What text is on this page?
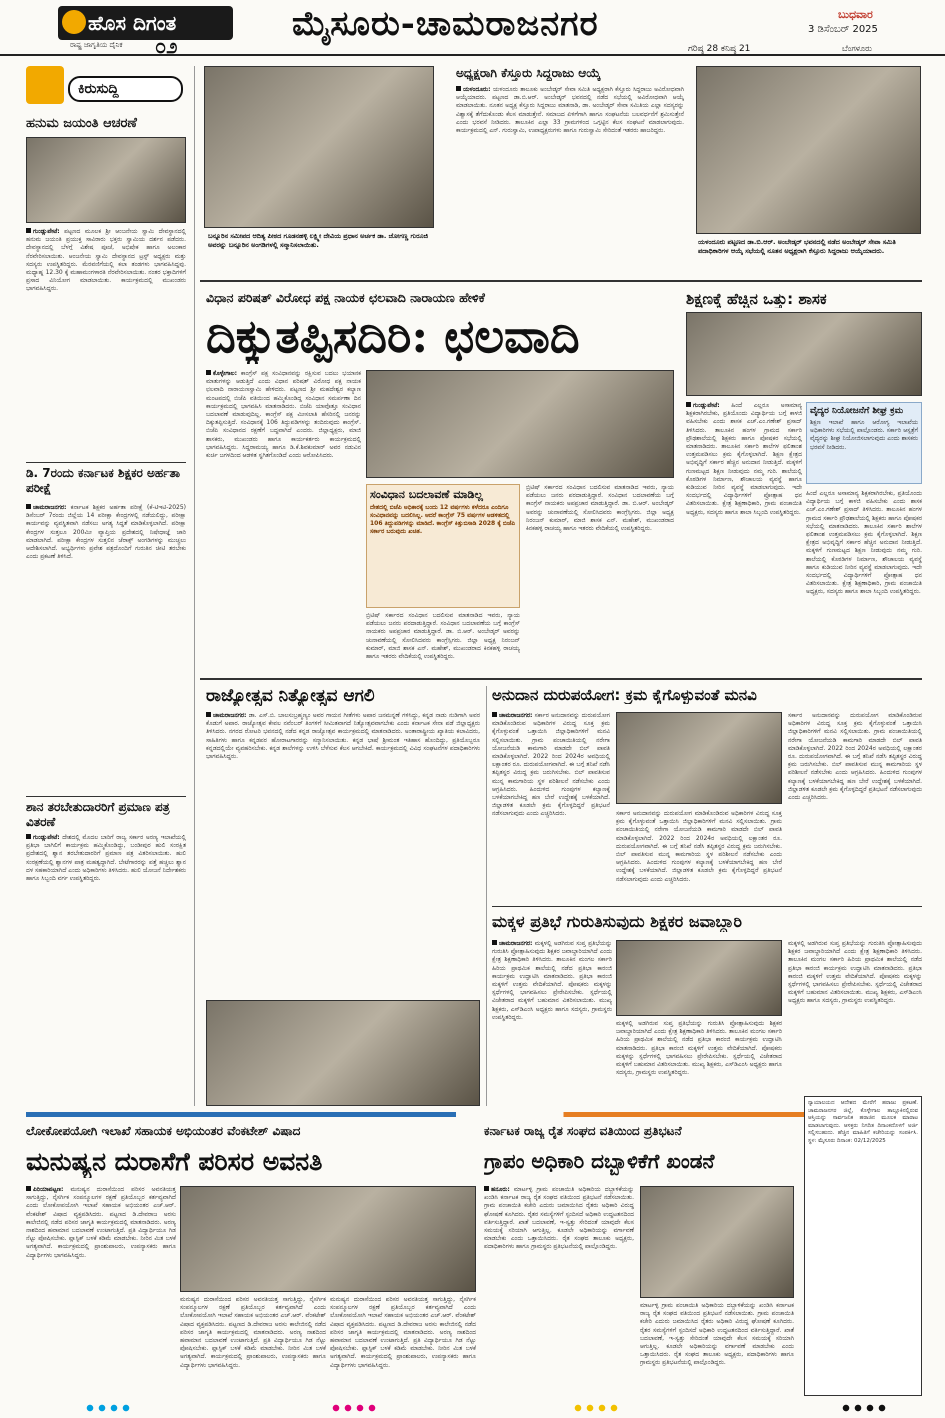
ಹೊಸ ದಿಗಂತ
ರಾಷ್ಟ್ರ ಜಾಗೃತಿಯ ದೈನಿಕ ೦೨
ಮೈಸೂರು-ಚಾಮರಾಜನಗರ	ಬುಧವಾರ
3 ಡಿಸೆಂಬರ್ 2025
ಗರಿಷ್ಠ 28 ಕನಿಷ್ಠ 21	ಬೆಂಗಳೂರು
ಕಿರುಸುದ್ದಿ
ಹನುಮ ಜಯಂತಿ ಆಚರಣೆ
ಗುಂಡ್ಲುಪೇಟೆ: ಪಟ್ಟಣದ ಮೂಲಕ ಶ್ರೀ ಆಂಜನೇಯ ಸ್ವಾಮಿ ದೇವಸ್ಥಾನದಲ್ಲಿ ಹನುಮ ಜಯಂತಿ ಪ್ರಯುಕ್ತ ಸಾವಿರಾರು ಭಕ್ತರು ಸ್ವಾಮಿಯ ದರ್ಶನ ಪಡೆದರು. ದೇವಸ್ಥಾನದಲ್ಲಿ ಬೆಳಗ್ಗೆ ವಿಶೇಷ ಪೂಜೆ, ಅಭಿಷೇಕ ಹಾಗೂ ಅಲಂಕಾರ ನೆರವೇರಿಸಲಾಯಿತು. ಆಂಜನೇಯ ಸ್ವಾಮಿ ದೇವಸ್ಥಾನದ ಟ್ರಸ್ಟ್ ಅಧ್ಯಕ್ಷರು ಮತ್ತು ಸದಸ್ಯರು ಉಪಸ್ಥಿತರಿದ್ದರು. ಮೆರವಣಿಗೆಯಲ್ಲಿ ಕಲಾ ತಂಡಗಳು ಭಾಗವಹಿಸಿದ್ದವು. ಮಧ್ಯಾಹ್ನ 12.30 ಕ್ಕೆ ಮಹಾಮಂಗಳಾರತಿ ನೆರವೇರಿಸಲಾಯಿತು. ನಂತರ ಭಕ್ತಾದಿಗಳಿಗೆ ಪ್ರಸಾದ ವಿನಿಯೋಗ ಮಾಡಲಾಯಿತು. ಕಾರ್ಯಕ್ರಮದಲ್ಲಿ ಮುಖಂಡರು ಭಾಗವಹಿಸಿದ್ದರು.
ಡಿ. 7ರಂದು ಕರ್ನಾಟಕ ಶಿಕ್ಷಕರ ಅರ್ಹತಾ ಪರೀಕ್ಷೆ
ಚಾಮರಾಜನಗರ: ಕರ್ನಾಟಕ ಶಿಕ್ಷಕರ ಅರ್ಹತಾ ಪರೀಕ್ಷೆ (ಕೆ-ಟಿಇಟಿ-2025) ಡಿಸೆಂಬರ್ 7ರಂದು ಜಿಲ್ಲೆಯ 14 ಪರೀಕ್ಷಾ ಕೇಂದ್ರಗಳಲ್ಲಿ ನಡೆಯಲಿದ್ದು, ಪರೀಕ್ಷಾ ಕಾರ್ಯವನ್ನು ವ್ಯವಸ್ಥಿತವಾಗಿ ನಡೆಸಲು ಅಗತ್ಯ ಸಿದ್ಧತೆ ಮಾಡಿಕೊಳ್ಳಲಾಗಿದೆ. ಪರೀಕ್ಷಾ ಕೇಂದ್ರಗಳ ಸುತ್ತಲೂ 200ಮೀ ವ್ಯಾಪ್ತಿಯ ಪ್ರದೇಶದಲ್ಲಿ ನಿಷೇಧಾಜ್ಞೆ ಜಾರಿ ಮಾಡಲಾಗಿದೆ. ಪರೀಕ್ಷಾ ಕೇಂದ್ರಗಳ ಸುತ್ತಲಿನ ಜೆರಾಕ್ಸ್ ಅಂಗಡಿಗಳನ್ನು ಮುಚ್ಚಲು ಆದೇಶಿಸಲಾಗಿದೆ. ಅಭ್ಯರ್ಥಿಗಳು ಪ್ರವೇಶ ಪತ್ರದೊಂದಿಗೆ ಗುರುತಿನ ಚೀಟಿ ತರಬೇಕು ಎಂದು ಪ್ರಕಟಣೆ ತಿಳಿಸಿದೆ.
ಶಾನ ತರಬೇತುದಾರರಿಗೆ ಪ್ರಮಾಣ ಪತ್ರ ವಿತರಣೆ
ಗುಂಡ್ಲುಪೇಟೆ: ದೇಶದಲ್ಲಿ ಮೊದಲ ಬಾರಿಗೆ ರಾಜ್ಯ ಸರ್ಕಾರ ಅರಣ್ಯ ಇಲಾಖೆಯಲ್ಲಿ ಪ್ರತಿಭಾ ಬಾಗಿಲಿಗೆ ಕಾರ್ಯಕ್ರಮ ಹಮ್ಮಿಕೊಂಡಿದ್ದು, ಬಂಡೀಪುರ ಹುಲಿ ಸಂರಕ್ಷಿತ ಪ್ರದೇಶದಲ್ಲಿ ಶ್ವಾನ ತರಬೇತುದಾರರಿಗೆ ಪ್ರಮಾಣ ಪತ್ರ ವಿತರಿಸಲಾಯಿತು. ಹುಲಿ ಸಂರಕ್ಷಣೆಯಲ್ಲಿ ಶ್ವಾನಗಳ ಪಾತ್ರ ಮಹತ್ವದ್ದಾಗಿದೆ. ಬೇಟೆಗಾರರನ್ನು ಪತ್ತೆ ಹಚ್ಚಲು ಶ್ವಾನ ದಳ ಸಹಕಾರಿಯಾಗಿದೆ ಎಂದು ಅಧಿಕಾರಿಗಳು ತಿಳಿಸಿದರು. ಹುಲಿ ಯೋಜನೆ ನಿರ್ದೇಶಕರು ಹಾಗೂ ಸಿಬ್ಬಂದಿ ವರ್ಗ ಉಪಸ್ಥಿತರಿದ್ದರು.
ಬನ್ನೂರಿನ ಸಮೀಪದ ಆದಿತ್ಯ ಪೀಠದ ಗೂಡನಹಳ್ಳಿ ಲಕ್ಷ್ಮೀ ದೇವಿಯ ಪ್ರಧಾನ ಅರ್ಚಕ ಡಾ. ಜೋಗಣ್ಣ ಗುರೂಜಿ ಅವರನ್ನು ಬನ್ನೂರಿನ ಅಂಗಡಿಗಳಲ್ಲಿ ಸನ್ಮಾನಿಸಲಾಯಿತು.
ಅಧ್ಯಕ್ಷರಾಗಿ ಕೆಸ್ತೂರು ಸಿದ್ದರಾಜು ಆಯ್ಕೆ
ಯಳಂದೂರು: ಯಳಂದೂರು ತಾಲೂಕು ಅಂಬೇಡ್ಕರ್ ಸೇವಾ ಸಮಿತಿ ಅಧ್ಯಕ್ಷರಾಗಿ ಕೆಸ್ತೂರು ಸಿದ್ದರಾಜು ಅವಿರೋಧವಾಗಿ ಆಯ್ಕೆಯಾದರು. ಪಟ್ಟಣದ ಡಾ.ಬಿ.ಆರ್. ಅಂಬೇಡ್ಕರ್ ಭವನದಲ್ಲಿ ನಡೆದ ಸಭೆಯಲ್ಲಿ ಅವಿರೋಧವಾಗಿ ಆಯ್ಕೆ ಮಾಡಲಾಯಿತು. ನೂತನ ಅಧ್ಯಕ್ಷ ಕೆಸ್ತೂರು ಸಿದ್ದರಾಜು ಮಾತನಾಡಿ, ಡಾ. ಅಂಬೇಡ್ಕರ್ ಸೇವಾ ಸಮಿತಿಯ ಎಲ್ಲಾ ಸದಸ್ಯರನ್ನು ವಿಶ್ವಾಸಕ್ಕೆ ತೆಗೆದುಕೊಂಡು ಕೆಲಸ ಮಾಡುತ್ತೇನೆ. ಸಮಾಜದ ಏಳಿಗೆಗಾಗಿ ಹಾಗೂ ಸಂಘಟನೆಯ ಬಲವರ್ಧನೆಗೆ ಶ್ರಮಿಸುತ್ತೇನೆ ಎಂದು ಭರವಸೆ ನೀಡಿದರು. ತಾಲೂಕಿನ ಎಲ್ಲಾ 33 ಗ್ರಾಮಗಳಿಂದ ಒಗ್ಗಟ್ಟಿನ ಕೆಲಸ ಸಂಘಟನೆ ಮಾಡಲಾಗುವುದು. ಕಾರ್ಯಕ್ರಮದಲ್ಲಿ ಎನ್. ಗುರುಸ್ವಾಮಿ, ಉಪಾಧ್ಯಕ್ಷರುಗಳು ಹಾಗೂ ಗುರುಸ್ವಾಮಿ ಸೇರಿದಂತೆ ಇತರರು ಹಾಜರಿದ್ದರು.
ಯಳಂದೂರು ಪಟ್ಟಣದ ಡಾ.ಬಿ.ಆರ್. ಅಂಬೇಡ್ಕರ್ ಭವನದಲ್ಲಿ ನಡೆದ ಅಂಬೇಡ್ಕರ್ ಸೇವಾ ಸಮಿತಿ ಪದಾಧಿಕಾರಿಗಳ ಆಯ್ಕೆ ಸಭೆಯಲ್ಲಿ ನೂತನ ಅಧ್ಯಕ್ಷರಾಗಿ ಕೆಸ್ತೂರು ಸಿದ್ದರಾಜು ಆಯ್ಕೆಯಾದರು.
ವಿಧಾನ ಪರಿಷತ್ ವಿರೋಧ ಪಕ್ಷ ನಾಯಕ ಛಲವಾದಿ ನಾರಾಯಣ ಹೇಳಿಕೆ
ದಿಕ್ಕುತಪ್ಪಿಸದಿರಿ: ಛಲವಾದಿ
ಕೊಳ್ಳೇಗಾಲ: ಕಾಂಗ್ರೆಸ್ ಪಕ್ಷ ಸಂವಿಧಾನವನ್ನು ರಕ್ಷಿಸುವ ಬದಲು ಭಯಾನಕ ಮಾತುಗಳನ್ನು ಆಡುತ್ತಿದೆ ಎಂದು ವಿಧಾನ ಪರಿಷತ್ ವಿರೋಧ ಪಕ್ಷ ನಾಯಕ ಛಲವಾದಿ ನಾರಾಯಣಸ್ವಾಮಿ ಹೇಳಿದರು. ಪಟ್ಟಣದ ಶ್ರೀ ಮಹದೇಶ್ವರ ಕಲ್ಯಾಣ ಮಂಟಪದಲ್ಲಿ ಬಿಜೆಪಿ ವತಿಯಿಂದ ಹಮ್ಮಿಕೊಂಡಿದ್ದ ಸಂವಿಧಾನ ಸಮರ್ಪಣಾ ದಿನ ಕಾರ್ಯಕ್ರಮದಲ್ಲಿ ಭಾಗವಹಿಸಿ ಮಾತನಾಡಿದರು. ಬಿಜೆಪಿ ಯಾವೊತ್ತೂ ಸಂವಿಧಾನ ಬದಲಾವಣೆ ಮಾಡುವುದಿಲ್ಲ. ಕಾಂಗ್ರೆಸ್ ಪಕ್ಷ ಮೀಸಲಾತಿ ಹೆಸರಿನಲ್ಲಿ ಜನರನ್ನು ದಿಕ್ಕುತಪ್ಪಿಸುತ್ತಿದೆ. ಸಂವಿಧಾನಕ್ಕೆ 106 ತಿದ್ದುಪಡಿಗಳನ್ನು ತಂದಿರುವುದು ಕಾಂಗ್ರೆಸ್. ಬಿಜೆಪಿ ಸಂವಿಧಾನದ ರಕ್ಷಣೆಗೆ ಬದ್ಧವಾಗಿದೆ ಎಂದರು. ಜಿಲ್ಲಾಧ್ಯಕ್ಷರು, ಮಾಜಿ ಶಾಸಕರು, ಮುಖಂಡರು ಹಾಗೂ ಕಾರ್ಯಕರ್ತರು ಕಾರ್ಯಕ್ರಮದಲ್ಲಿ ಭಾಗವಹಿಸಿದ್ದರು. ಸಿದ್ದರಾಮಯ್ಯ ಹಾಗೂ ಡಿ.ಕೆ.ಶಿವಕುಮಾರ್ ಅವರ ನಡುವಿನ ಕುರ್ಚಿ ಜಗಳದಿಂದ ಆಡಳಿತ ಸ್ಥಗಿತಗೊಂಡಿದೆ ಎಂದು ಆರೋಪಿಸಿದರು.
ಸಂವಿಧಾನ ಬದಲಾವಣೆ ಮಾಡಿಲ್ಲ
ದೇಶದಲ್ಲಿ ಬಿಜೆಪಿ ಅಧಿಕಾರಕ್ಕೆ ಬಂದು 12 ವರ್ಷಗಳು ಕಳೆದರೂ ಎಂದಿಗೂ ಸಂವಿಧಾನವನ್ನು ಬದಲಿಸಿಲ್ಲ. ಆದರೆ ಕಾಂಗ್ರೆಸ್ 75 ವರ್ಷಗಳ ಆಡಳಿತದಲ್ಲಿ 106 ತಿದ್ದುಪಡಿಗಳನ್ನು ಮಾಡಿದೆ. ಕಾಂಗ್ರೆಸ್ ಕಿತ್ತುಬಿಸಾಡಿ 2028 ಕ್ಕೆ ಬಿಜೆಪಿ ಸರ್ಕಾರ ಬರುವುದು ಖಚಿತ.
ಬ್ರಿಟಿಷ್ ಸರ್ಕಾರದ ಸಂವಿಧಾನ ಬದಲಿಸುವ ಮಾತನಾಡಿದ ಇವರು, ನ್ಯಾಯ ಪಡೆಯಲು ಜನರು ಪರದಾಡುತ್ತಿದ್ದಾರೆ. ಸಂವಿಧಾನ ಬದಲಾವಣೆಯ ಬಗ್ಗೆ ಕಾಂಗ್ರೆಸ್ ನಾಯಕರು ಅಪಪ್ರಚಾರ ಮಾಡುತ್ತಿದ್ದಾರೆ. ಡಾ. ಬಿ.ಆರ್. ಅಂಬೇಡ್ಕರ್ ಅವರನ್ನು ಚುನಾವಣೆಯಲ್ಲಿ ಸೋಲಿಸಿದವರು ಕಾಂಗ್ರೆಸ್ಸಿಗರು. ಜಿಲ್ಲಾ ಅಧ್ಯಕ್ಷ ನಿರಂಜನ್ ಕುಮಾರ್, ಮಾಜಿ ಶಾಸಕ ಎನ್. ಮಹೇಶ್, ಮುಖಂಡರಾದ ಕಿನಕಹಳ್ಳಿ ರಾಚಯ್ಯ ಹಾಗೂ ಇತರರು ವೇದಿಕೆಯಲ್ಲಿ ಉಪಸ್ಥಿತರಿದ್ದರು.
ಬ್ರಿಟಿಷ್ ಸರ್ಕಾರದ ಸಂವಿಧಾನ ಬದಲಿಸುವ ಮಾತನಾಡಿದ ಇವರು, ನ್ಯಾಯ ಪಡೆಯಲು ಜನರು ಪರದಾಡುತ್ತಿದ್ದಾರೆ. ಸಂವಿಧಾನ ಬದಲಾವಣೆಯ ಬಗ್ಗೆ ಕಾಂಗ್ರೆಸ್ ನಾಯಕರು ಅಪಪ್ರಚಾರ ಮಾಡುತ್ತಿದ್ದಾರೆ. ಡಾ. ಬಿ.ಆರ್. ಅಂಬೇಡ್ಕರ್ ಅವರನ್ನು ಚುನಾವಣೆಯಲ್ಲಿ ಸೋಲಿಸಿದವರು ಕಾಂಗ್ರೆಸ್ಸಿಗರು. ಜಿಲ್ಲಾ ಅಧ್ಯಕ್ಷ ನಿರಂಜನ್ ಕುಮಾರ್, ಮಾಜಿ ಶಾಸಕ ಎನ್. ಮಹೇಶ್, ಮುಖಂಡರಾದ ಕಿನಕಹಳ್ಳಿ ರಾಚಯ್ಯ ಹಾಗೂ ಇತರರು ವೇದಿಕೆಯಲ್ಲಿ ಉಪಸ್ಥಿತರಿದ್ದರು.
ಶಿಕ್ಷಣಕ್ಕೆ ಹೆಚ್ಚಿನ ಒತ್ತು: ಶಾಸಕ
ಗುಂಡ್ಲುಪೇಟೆ: ಹಿಂದೆ ಎಲ್ಲರೂ ಅಸಾಮಾನ್ಯ ಶಿಕ್ಷಕರಾಗಿರಬೇಕು, ಪ್ರತಿಯೊಂದು ವಿದ್ಯಾರ್ಥಿಯ ಬಗ್ಗೆ ಕಾಳಜಿ ವಹಿಸಬೇಕು ಎಂದು ಶಾಸಕ ಎಚ್.ಎಂ.ಗಣೇಶ್ ಪ್ರಸಾದ್ ತಿಳಿಸಿದರು. ತಾಲೂಕಿನ ಹಂಗಳ ಗ್ರಾಮದ ಸರ್ಕಾರಿ ಪ್ರೌಢಶಾಲೆಯಲ್ಲಿ ಶಿಕ್ಷಕರು ಹಾಗೂ ಪೋಷಕರ ಸಭೆಯಲ್ಲಿ ಮಾತನಾಡಿದರು. ತಾಲೂಕಿನ ಸರ್ಕಾರಿ ಶಾಲೆಗಳ ಫಲಿತಾಂಶ ಉತ್ತಮಪಡಿಸಲು ಕ್ರಮ ಕೈಗೊಳ್ಳಲಾಗಿದೆ. ಶಿಕ್ಷಣ ಕ್ಷೇತ್ರದ ಅಭಿವೃದ್ಧಿಗೆ ಸರ್ಕಾರ ಹೆಚ್ಚಿನ ಅನುದಾನ ನೀಡುತ್ತಿದೆ. ಮಕ್ಕಳಿಗೆ ಗುಣಮಟ್ಟದ ಶಿಕ್ಷಣ ನೀಡುವುದು ನಮ್ಮ ಗುರಿ. ಶಾಲೆಯಲ್ಲಿ ಕೊಠಡಿಗಳ ನಿರ್ಮಾಣ, ಶೌಚಾಲಯ ವ್ಯವಸ್ಥೆ ಹಾಗೂ ಕುಡಿಯುವ ನೀರಿನ ವ್ಯವಸ್ಥೆ ಮಾಡಲಾಗುವುದು. ಇದೇ ಸಂದರ್ಭದಲ್ಲಿ ವಿದ್ಯಾರ್ಥಿಗಳಿಗೆ ಪ್ರೋತ್ಸಾಹ ಧನ ವಿತರಿಸಲಾಯಿತು. ಕ್ಷೇತ್ರ ಶಿಕ್ಷಣಾಧಿಕಾರಿ, ಗ್ರಾಮ ಪಂಚಾಯಿತಿ ಅಧ್ಯಕ್ಷರು, ಸದಸ್ಯರು ಹಾಗೂ ಶಾಲಾ ಸಿಬ್ಬಂದಿ ಉಪಸ್ಥಿತರಿದ್ದರು.
ವೈದ್ಯರ ನಿಯೋಜನೆಗೆ ಶೀಘ್ರ ಕ್ರಮ
ಶಿಕ್ಷಣ ಇಲಾಖೆ ಹಾಗೂ ಆರೋಗ್ಯ ಇಲಾಖೆಯ ಅಧಿಕಾರಿಗಳು ಸಭೆಯಲ್ಲಿ ಪಾಲ್ಗೊಂಡರು. ಸರ್ಕಾರಿ ಆಸ್ಪತ್ರೆಗೆ ವೈದ್ಯರನ್ನು ಶೀಘ್ರ ನಿಯೋಜಿಸಲಾಗುವುದು ಎಂದು ಶಾಸಕರು ಭರವಸೆ ನೀಡಿದರು.
ಹಿಂದೆ ಎಲ್ಲರೂ ಅಸಾಮಾನ್ಯ ಶಿಕ್ಷಕರಾಗಿರಬೇಕು, ಪ್ರತಿಯೊಂದು ವಿದ್ಯಾರ್ಥಿಯ ಬಗ್ಗೆ ಕಾಳಜಿ ವಹಿಸಬೇಕು ಎಂದು ಶಾಸಕ ಎಚ್.ಎಂ.ಗಣೇಶ್ ಪ್ರಸಾದ್ ತಿಳಿಸಿದರು. ತಾಲೂಕಿನ ಹಂಗಳ ಗ್ರಾಮದ ಸರ್ಕಾರಿ ಪ್ರೌಢಶಾಲೆಯಲ್ಲಿ ಶಿಕ್ಷಕರು ಹಾಗೂ ಪೋಷಕರ ಸಭೆಯಲ್ಲಿ ಮಾತನಾಡಿದರು. ತಾಲೂಕಿನ ಸರ್ಕಾರಿ ಶಾಲೆಗಳ ಫಲಿತಾಂಶ ಉತ್ತಮಪಡಿಸಲು ಕ್ರಮ ಕೈಗೊಳ್ಳಲಾಗಿದೆ. ಶಿಕ್ಷಣ ಕ್ಷೇತ್ರದ ಅಭಿವೃದ್ಧಿಗೆ ಸರ್ಕಾರ ಹೆಚ್ಚಿನ ಅನುದಾನ ನೀಡುತ್ತಿದೆ. ಮಕ್ಕಳಿಗೆ ಗುಣಮಟ್ಟದ ಶಿಕ್ಷಣ ನೀಡುವುದು ನಮ್ಮ ಗುರಿ. ಶಾಲೆಯಲ್ಲಿ ಕೊಠಡಿಗಳ ನಿರ್ಮಾಣ, ಶೌಚಾಲಯ ವ್ಯವಸ್ಥೆ ಹಾಗೂ ಕುಡಿಯುವ ನೀರಿನ ವ್ಯವಸ್ಥೆ ಮಾಡಲಾಗುವುದು. ಇದೇ ಸಂದರ್ಭದಲ್ಲಿ ವಿದ್ಯಾರ್ಥಿಗಳಿಗೆ ಪ್ರೋತ್ಸಾಹ ಧನ ವಿತರಿಸಲಾಯಿತು. ಕ್ಷೇತ್ರ ಶಿಕ್ಷಣಾಧಿಕಾರಿ, ಗ್ರಾಮ ಪಂಚಾಯಿತಿ ಅಧ್ಯಕ್ಷರು, ಸದಸ್ಯರು ಹಾಗೂ ಶಾಲಾ ಸಿಬ್ಬಂದಿ ಉಪಸ್ಥಿತರಿದ್ದರು.
ರಾಜ್ಯೋತ್ಸವ ನಿತ್ಯೋತ್ಸವ ಆಗಲಿ
ಚಾಮರಾಜನಗರ: ಡಾ. ಎಸ್.ಬಿ. ಬಾಲಸುಬ್ರಹ್ಮಣ್ಯಂ ಅವರ ಗಾಯನ ಗೀತೆಗಳು ಅಪಾರ ಜನಮನ್ನಣೆ ಗಳಿಸಿದ್ದು, ಕನ್ನಡ ನಾಡು ನುಡಿಗಾಗಿ ಅವರ ಕೊಡುಗೆ ಅಪಾರ. ರಾಜ್ಯೋತ್ಸವ ಕೇವಲ ನವೆಂಬರ್ ತಿಂಗಳಿಗೆ ಸೀಮಿತವಾಗದೆ ನಿತ್ಯೋತ್ಸವವಾಗಬೇಕು ಎಂದು ಕರ್ನಾಟಕ ಸೇನಾ ಪಡೆ ಜಿಲ್ಲಾಧ್ಯಕ್ಷರು ತಿಳಿಸಿದರು. ನಗರದ ರೋಟರಿ ಭವನದಲ್ಲಿ ನಡೆದ ಕನ್ನಡ ರಾಜ್ಯೋತ್ಸವ ಕಾರ್ಯಕ್ರಮದಲ್ಲಿ ಮಾತನಾಡಿದರು. ಅಂತಾರಾಷ್ಟ್ರೀಯ ಖ್ಯಾತಿಯ ಕಲಾವಿದರು, ಸಾಹಿತಿಗಳು ಹಾಗೂ ಕನ್ನಡಪರ ಹೋರಾಟಗಾರರನ್ನು ಸನ್ಮಾನಿಸಲಾಯಿತು. ಕನ್ನಡ ಭಾಷೆ ಶ್ರೀಮಂತ ಇತಿಹಾಸ ಹೊಂದಿದ್ದು, ಪ್ರತಿಯೊಬ್ಬರೂ ಕನ್ನಡದಲ್ಲಿಯೇ ವ್ಯವಹರಿಸಬೇಕು. ಕನ್ನಡ ಶಾಲೆಗಳನ್ನು ಉಳಿಸಿ ಬೆಳೆಸುವ ಕೆಲಸ ಆಗಬೇಕಿದೆ. ಕಾರ್ಯಕ್ರಮದಲ್ಲಿ ವಿವಿಧ ಸಂಘಟನೆಗಳ ಪದಾಧಿಕಾರಿಗಳು ಭಾಗವಹಿಸಿದ್ದರು.
ಅನುದಾನ ದುರುಪಯೋಗ: ಕ್ರಮ ಕೈಗೊಳ್ಳುವಂತೆ ಮನವಿ
ಚಾಮರಾಜನಗರ: ಸರ್ಕಾರ ಅನುದಾನವನ್ನು ದುರುಪಯೋಗ ಮಾಡಿಕೊಂಡಿರುವ ಅಧಿಕಾರಿಗಳ ವಿರುದ್ಧ ಸೂಕ್ತ ಕ್ರಮ ಕೈಗೊಳ್ಳುವಂತೆ ಒತ್ತಾಯಿಸಿ ಜಿಲ್ಲಾಧಿಕಾರಿಗಳಿಗೆ ಮನವಿ ಸಲ್ಲಿಸಲಾಯಿತು. ಗ್ರಾಮ ಪಂಚಾಯಿತಿಯಲ್ಲಿ ನರೇಗಾ ಯೋಜನೆಯಡಿ ಕಾಮಗಾರಿ ಮಾಡದೇ ಬಿಲ್ ಪಾವತಿ ಮಾಡಿಕೊಳ್ಳಲಾಗಿದೆ. 2022 ರಿಂದ 2024ರ ಅವಧಿಯಲ್ಲಿ ಲಕ್ಷಾಂತರ ರೂ. ದುರುಪಯೋಗವಾಗಿದೆ. ಈ ಬಗ್ಗೆ ತನಿಖೆ ನಡೆಸಿ ತಪ್ಪಿತಸ್ಥರ ವಿರುದ್ಧ ಕ್ರಮ ಜರುಗಿಸಬೇಕು. ಬಿಲ್ ಪಾವತಿಸುವ ಮುನ್ನ ಕಾಮಗಾರಿಯ ಸ್ಥಳ ಪರಿಶೀಲನೆ ನಡೆಸಬೇಕು ಎಂದು ಆಗ್ರಹಿಸಿದರು. ಹಿಂದುಳಿದ ಗುಂಪುಗಳ ಕಲ್ಯಾಣಕ್ಕೆ ಬಳಕೆಯಾಗಬೇಕಿದ್ದ ಹಣ ಬೇರೆ ಉದ್ದೇಶಕ್ಕೆ ಬಳಕೆಯಾಗಿದೆ. ಜಿಲ್ಲಾಡಳಿತ ಕೂಡಲೇ ಕ್ರಮ ಕೈಗೊಳ್ಳದಿದ್ದರೆ ಪ್ರತಿಭಟನೆ ನಡೆಸಲಾಗುವುದು ಎಂದು ಎಚ್ಚರಿಸಿದರು.	ಸರ್ಕಾರ ಅನುದಾನವನ್ನು ದುರುಪಯೋಗ ಮಾಡಿಕೊಂಡಿರುವ ಅಧಿಕಾರಿಗಳ ವಿರುದ್ಧ ಸೂಕ್ತ ಕ್ರಮ ಕೈಗೊಳ್ಳುವಂತೆ ಒತ್ತಾಯಿಸಿ ಜಿಲ್ಲಾಧಿಕಾರಿಗಳಿಗೆ ಮನವಿ ಸಲ್ಲಿಸಲಾಯಿತು. ಗ್ರಾಮ ಪಂಚಾಯಿತಿಯಲ್ಲಿ ನರೇಗಾ ಯೋಜನೆಯಡಿ ಕಾಮಗಾರಿ ಮಾಡದೇ ಬಿಲ್ ಪಾವತಿ ಮಾಡಿಕೊಳ್ಳಲಾಗಿದೆ. 2022 ರಿಂದ 2024ರ ಅವಧಿಯಲ್ಲಿ ಲಕ್ಷಾಂತರ ರೂ. ದುರುಪಯೋಗವಾಗಿದೆ. ಈ ಬಗ್ಗೆ ತನಿಖೆ ನಡೆಸಿ ತಪ್ಪಿತಸ್ಥರ ವಿರುದ್ಧ ಕ್ರಮ ಜರುಗಿಸಬೇಕು. ಬಿಲ್ ಪಾವತಿಸುವ ಮುನ್ನ ಕಾಮಗಾರಿಯ ಸ್ಥಳ ಪರಿಶೀಲನೆ ನಡೆಸಬೇಕು ಎಂದು ಆಗ್ರಹಿಸಿದರು. ಹಿಂದುಳಿದ ಗುಂಪುಗಳ ಕಲ್ಯಾಣಕ್ಕೆ ಬಳಕೆಯಾಗಬೇಕಿದ್ದ ಹಣ ಬೇರೆ ಉದ್ದೇಶಕ್ಕೆ ಬಳಕೆಯಾಗಿದೆ. ಜಿಲ್ಲಾಡಳಿತ ಕೂಡಲೇ ಕ್ರಮ ಕೈಗೊಳ್ಳದಿದ್ದರೆ ಪ್ರತಿಭಟನೆ ನಡೆಸಲಾಗುವುದು ಎಂದು ಎಚ್ಚರಿಸಿದರು.
ಸರ್ಕಾರ ಅನುದಾನವನ್ನು ದುರುಪಯೋಗ ಮಾಡಿಕೊಂಡಿರುವ ಅಧಿಕಾರಿಗಳ ವಿರುದ್ಧ ಸೂಕ್ತ ಕ್ರಮ ಕೈಗೊಳ್ಳುವಂತೆ ಒತ್ತಾಯಿಸಿ ಜಿಲ್ಲಾಧಿಕಾರಿಗಳಿಗೆ ಮನವಿ ಸಲ್ಲಿಸಲಾಯಿತು. ಗ್ರಾಮ ಪಂಚಾಯಿತಿಯಲ್ಲಿ ನರೇಗಾ ಯೋಜನೆಯಡಿ ಕಾಮಗಾರಿ ಮಾಡದೇ ಬಿಲ್ ಪಾವತಿ ಮಾಡಿಕೊಳ್ಳಲಾಗಿದೆ. 2022 ರಿಂದ 2024ರ ಅವಧಿಯಲ್ಲಿ ಲಕ್ಷಾಂತರ ರೂ. ದುರುಪಯೋಗವಾಗಿದೆ. ಈ ಬಗ್ಗೆ ತನಿಖೆ ನಡೆಸಿ ತಪ್ಪಿತಸ್ಥರ ವಿರುದ್ಧ ಕ್ರಮ ಜರುಗಿಸಬೇಕು. ಬಿಲ್ ಪಾವತಿಸುವ ಮುನ್ನ ಕಾಮಗಾರಿಯ ಸ್ಥಳ ಪರಿಶೀಲನೆ ನಡೆಸಬೇಕು ಎಂದು ಆಗ್ರಹಿಸಿದರು. ಹಿಂದುಳಿದ ಗುಂಪುಗಳ ಕಲ್ಯಾಣಕ್ಕೆ ಬಳಕೆಯಾಗಬೇಕಿದ್ದ ಹಣ ಬೇರೆ ಉದ್ದೇಶಕ್ಕೆ ಬಳಕೆಯಾಗಿದೆ. ಜಿಲ್ಲಾಡಳಿತ ಕೂಡಲೇ ಕ್ರಮ ಕೈಗೊಳ್ಳದಿದ್ದರೆ ಪ್ರತಿಭಟನೆ ನಡೆಸಲಾಗುವುದು ಎಂದು ಎಚ್ಚರಿಸಿದರು.
ಮಕ್ಕಳ ಪ್ರತಿಭೆ ಗುರುತಿಸುವುದು ಶಿಕ್ಷಕರ ಜವಾಬ್ದಾರಿ
ಚಾಮರಾಜನಗರ: ಮಕ್ಕಳಲ್ಲಿ ಅಡಗಿರುವ ಸುಪ್ತ ಪ್ರತಿಭೆಯನ್ನು ಗುರುತಿಸಿ ಪ್ರೋತ್ಸಾಹಿಸುವುದು ಶಿಕ್ಷಕರ ಜವಾಬ್ದಾರಿಯಾಗಿದೆ ಎಂದು ಕ್ಷೇತ್ರ ಶಿಕ್ಷಣಾಧಿಕಾರಿ ತಿಳಿಸಿದರು. ತಾಲೂಕಿನ ಮಂಗಲ ಸರ್ಕಾರಿ ಹಿರಿಯ ಪ್ರಾಥಮಿಕ ಶಾಲೆಯಲ್ಲಿ ನಡೆದ ಪ್ರತಿಭಾ ಕಾರಂಜಿ ಕಾರ್ಯಕ್ರಮ ಉದ್ಘಾಟಿಸಿ ಮಾತನಾಡಿದರು. ಪ್ರತಿಭಾ ಕಾರಂಜಿ ಮಕ್ಕಳಿಗೆ ಉತ್ತಮ ವೇದಿಕೆಯಾಗಿದೆ. ಪೋಷಕರು ಮಕ್ಕಳನ್ನು ಸ್ಪರ್ಧೆಗಳಲ್ಲಿ ಭಾಗವಹಿಸಲು ಪ್ರೇರೇಪಿಸಬೇಕು. ಸ್ಪರ್ಧೆಯಲ್ಲಿ ವಿಜೇತರಾದ ಮಕ್ಕಳಿಗೆ ಬಹುಮಾನ ವಿತರಿಸಲಾಯಿತು. ಮುಖ್ಯ ಶಿಕ್ಷಕರು, ಎಸ್‌ಡಿಎಂಸಿ ಅಧ್ಯಕ್ಷರು ಹಾಗೂ ಸದಸ್ಯರು, ಗ್ರಾಮಸ್ಥರು ಉಪಸ್ಥಿತರಿದ್ದರು.
ಮಕ್ಕಳಲ್ಲಿ ಅಡಗಿರುವ ಸುಪ್ತ ಪ್ರತಿಭೆಯನ್ನು ಗುರುತಿಸಿ ಪ್ರೋತ್ಸಾಹಿಸುವುದು ಶಿಕ್ಷಕರ ಜವಾಬ್ದಾರಿಯಾಗಿದೆ ಎಂದು ಕ್ಷೇತ್ರ ಶಿಕ್ಷಣಾಧಿಕಾರಿ ತಿಳಿಸಿದರು. ತಾಲೂಕಿನ ಮಂಗಲ ಸರ್ಕಾರಿ ಹಿರಿಯ ಪ್ರಾಥಮಿಕ ಶಾಲೆಯಲ್ಲಿ ನಡೆದ ಪ್ರತಿಭಾ ಕಾರಂಜಿ ಕಾರ್ಯಕ್ರಮ ಉದ್ಘಾಟಿಸಿ ಮಾತನಾಡಿದರು. ಪ್ರತಿಭಾ ಕಾರಂಜಿ ಮಕ್ಕಳಿಗೆ ಉತ್ತಮ ವೇದಿಕೆಯಾಗಿದೆ. ಪೋಷಕರು ಮಕ್ಕಳನ್ನು ಸ್ಪರ್ಧೆಗಳಲ್ಲಿ ಭಾಗವಹಿಸಲು ಪ್ರೇರೇಪಿಸಬೇಕು. ಸ್ಪರ್ಧೆಯಲ್ಲಿ ವಿಜೇತರಾದ ಮಕ್ಕಳಿಗೆ ಬಹುಮಾನ ವಿತರಿಸಲಾಯಿತು. ಮುಖ್ಯ ಶಿಕ್ಷಕರು, ಎಸ್‌ಡಿಎಂಸಿ ಅಧ್ಯಕ್ಷರು ಹಾಗೂ ಸದಸ್ಯರು, ಗ್ರಾಮಸ್ಥರು ಉಪಸ್ಥಿತರಿದ್ದರು.
ಮಕ್ಕಳಲ್ಲಿ ಅಡಗಿರುವ ಸುಪ್ತ ಪ್ರತಿಭೆಯನ್ನು ಗುರುತಿಸಿ ಪ್ರೋತ್ಸಾಹಿಸುವುದು ಶಿಕ್ಷಕರ ಜವಾಬ್ದಾರಿಯಾಗಿದೆ ಎಂದು ಕ್ಷೇತ್ರ ಶಿಕ್ಷಣಾಧಿಕಾರಿ ತಿಳಿಸಿದರು. ತಾಲೂಕಿನ ಮಂಗಲ ಸರ್ಕಾರಿ ಹಿರಿಯ ಪ್ರಾಥಮಿಕ ಶಾಲೆಯಲ್ಲಿ ನಡೆದ ಪ್ರತಿಭಾ ಕಾರಂಜಿ ಕಾರ್ಯಕ್ರಮ ಉದ್ಘಾಟಿಸಿ ಮಾತನಾಡಿದರು. ಪ್ರತಿಭಾ ಕಾರಂಜಿ ಮಕ್ಕಳಿಗೆ ಉತ್ತಮ ವೇದಿಕೆಯಾಗಿದೆ. ಪೋಷಕರು ಮಕ್ಕಳನ್ನು ಸ್ಪರ್ಧೆಗಳಲ್ಲಿ ಭಾಗವಹಿಸಲು ಪ್ರೇರೇಪಿಸಬೇಕು. ಸ್ಪರ್ಧೆಯಲ್ಲಿ ವಿಜೇತರಾದ ಮಕ್ಕಳಿಗೆ ಬಹುಮಾನ ವಿತರಿಸಲಾಯಿತು. ಮುಖ್ಯ ಶಿಕ್ಷಕರು, ಎಸ್‌ಡಿಎಂಸಿ ಅಧ್ಯಕ್ಷರು ಹಾಗೂ ಸದಸ್ಯರು, ಗ್ರಾಮಸ್ಥರು ಉಪಸ್ಥಿತರಿದ್ದರು.
ಲೋಕೋಪಯೋಗಿ ಇಲಾಖೆ ಸಹಾಯಕ ಅಭಿಯಂತರ ವೆಂಕಟೇಶ್ ವಿಷಾದ
ಮನುಷ್ಯನ ದುರಾಸೆಗೆ ಪರಿಸರ ಅವನತಿ
ಪಿರಿಯಾಪಟ್ಟಣ: ಮನುಷ್ಯನ ದುರಾಸೆಯಿಂದ ಪರಿಸರ ಅವನತಿಯತ್ತ ಸಾಗುತ್ತಿದ್ದು, ನೈಸರ್ಗಿಕ ಸಂಪನ್ಮೂಲಗಳ ರಕ್ಷಣೆ ಪ್ರತಿಯೊಬ್ಬರ ಕರ್ತವ್ಯವಾಗಿದೆ ಎಂದು ಲೋಕೋಪಯೋಗಿ ಇಲಾಖೆ ಸಹಾಯಕ ಅಭಿಯಂತರ ಎಚ್.ಆರ್. ವೆಂಕಟೇಶ್ ವಿಷಾದ ವ್ಯಕ್ತಪಡಿಸಿದರು. ಪಟ್ಟಣದ ಡಿ.ದೇವರಾಜ ಅರಸು ಕಾಲೇಜಿನಲ್ಲಿ ನಡೆದ ಪರಿಸರ ಜಾಗೃತಿ ಕಾರ್ಯಕ್ರಮದಲ್ಲಿ ಮಾತನಾಡಿದರು. ಅರಣ್ಯ ನಾಶದಿಂದ ಹವಾಮಾನ ಬದಲಾವಣೆ ಉಂಟಾಗುತ್ತಿದೆ. ಪ್ರತಿ ವಿದ್ಯಾರ್ಥಿಯೂ ಗಿಡ ನೆಟ್ಟು ಪೋಷಿಸಬೇಕು. ಪ್ಲಾಸ್ಟಿಕ್ ಬಳಕೆ ಕಡಿಮೆ ಮಾಡಬೇಕು. ನೀರಿನ ಮಿತ ಬಳಕೆ ಅಗತ್ಯವಾಗಿದೆ. ಕಾರ್ಯಕ್ರಮದಲ್ಲಿ ಪ್ರಾಂಶುಪಾಲರು, ಉಪನ್ಯಾಸಕರು ಹಾಗೂ ವಿದ್ಯಾರ್ಥಿಗಳು ಭಾಗವಹಿಸಿದ್ದರು.
ಮನುಷ್ಯನ ದುರಾಸೆಯಿಂದ ಪರಿಸರ ಅವನತಿಯತ್ತ ಸಾಗುತ್ತಿದ್ದು, ನೈಸರ್ಗಿಕ ಸಂಪನ್ಮೂಲಗಳ ರಕ್ಷಣೆ ಪ್ರತಿಯೊಬ್ಬರ ಕರ್ತವ್ಯವಾಗಿದೆ ಎಂದು ಲೋಕೋಪಯೋಗಿ ಇಲಾಖೆ ಸಹಾಯಕ ಅಭಿಯಂತರ ಎಚ್.ಆರ್. ವೆಂಕಟೇಶ್ ವಿಷಾದ ವ್ಯಕ್ತಪಡಿಸಿದರು. ಪಟ್ಟಣದ ಡಿ.ದೇವರಾಜ ಅರಸು ಕಾಲೇಜಿನಲ್ಲಿ ನಡೆದ ಪರಿಸರ ಜಾಗೃತಿ ಕಾರ್ಯಕ್ರಮದಲ್ಲಿ ಮಾತನಾಡಿದರು. ಅರಣ್ಯ ನಾಶದಿಂದ ಹವಾಮಾನ ಬದಲಾವಣೆ ಉಂಟಾಗುತ್ತಿದೆ. ಪ್ರತಿ ವಿದ್ಯಾರ್ಥಿಯೂ ಗಿಡ ನೆಟ್ಟು ಪೋಷಿಸಬೇಕು. ಪ್ಲಾಸ್ಟಿಕ್ ಬಳಕೆ ಕಡಿಮೆ ಮಾಡಬೇಕು. ನೀರಿನ ಮಿತ ಬಳಕೆ ಅಗತ್ಯವಾಗಿದೆ. ಕಾರ್ಯಕ್ರಮದಲ್ಲಿ ಪ್ರಾಂಶುಪಾಲರು, ಉಪನ್ಯಾಸಕರು ಹಾಗೂ ವಿದ್ಯಾರ್ಥಿಗಳು ಭಾಗವಹಿಸಿದ್ದರು.
ಮನುಷ್ಯನ ದುರಾಸೆಯಿಂದ ಪರಿಸರ ಅವನತಿಯತ್ತ ಸಾಗುತ್ತಿದ್ದು, ನೈಸರ್ಗಿಕ ಸಂಪನ್ಮೂಲಗಳ ರಕ್ಷಣೆ ಪ್ರತಿಯೊಬ್ಬರ ಕರ್ತವ್ಯವಾಗಿದೆ ಎಂದು ಲೋಕೋಪಯೋಗಿ ಇಲಾಖೆ ಸಹಾಯಕ ಅಭಿಯಂತರ ಎಚ್.ಆರ್. ವೆಂಕಟೇಶ್ ವಿಷಾದ ವ್ಯಕ್ತಪಡಿಸಿದರು. ಪಟ್ಟಣದ ಡಿ.ದೇವರಾಜ ಅರಸು ಕಾಲೇಜಿನಲ್ಲಿ ನಡೆದ ಪರಿಸರ ಜಾಗೃತಿ ಕಾರ್ಯಕ್ರಮದಲ್ಲಿ ಮಾತನಾಡಿದರು. ಅರಣ್ಯ ನಾಶದಿಂದ ಹವಾಮಾನ ಬದಲಾವಣೆ ಉಂಟಾಗುತ್ತಿದೆ. ಪ್ರತಿ ವಿದ್ಯಾರ್ಥಿಯೂ ಗಿಡ ನೆಟ್ಟು ಪೋಷಿಸಬೇಕು. ಪ್ಲಾಸ್ಟಿಕ್ ಬಳಕೆ ಕಡಿಮೆ ಮಾಡಬೇಕು. ನೀರಿನ ಮಿತ ಬಳಕೆ ಅಗತ್ಯವಾಗಿದೆ. ಕಾರ್ಯಕ್ರಮದಲ್ಲಿ ಪ್ರಾಂಶುಪಾಲರು, ಉಪನ್ಯಾಸಕರು ಹಾಗೂ ವಿದ್ಯಾರ್ಥಿಗಳು ಭಾಗವಹಿಸಿದ್ದರು.
ಕರ್ನಾಟಕ ರಾಜ್ಯ ರೈತ ಸಂಘದ ವತಿಯಿಂದ ಪ್ರತಿಭಟನೆ
ಗ್ರಾಪಂ ಅಧಿಕಾರಿ ದಬ್ಬಾಳಿಕೆಗೆ ಖಂಡನೆ
ಹನೂರು: ಮಾರ್ಟಳ್ಳಿ ಗ್ರಾಮ ಪಂಚಾಯಿತಿ ಅಧಿಕಾರಿಯ ದಬ್ಬಾಳಿಕೆಯನ್ನು ಖಂಡಿಸಿ ಕರ್ನಾಟಕ ರಾಜ್ಯ ರೈತ ಸಂಘದ ವತಿಯಿಂದ ಪ್ರತಿಭಟನೆ ನಡೆಸಲಾಯಿತು. ಗ್ರಾಮ ಪಂಚಾಯಿತಿ ಕಚೇರಿ ಎದುರು ಜಮಾಯಿಸಿದ ರೈತರು ಅಧಿಕಾರಿ ವಿರುದ್ಧ ಘೋಷಣೆ ಕೂಗಿದರು. ರೈತರ ಸಮಸ್ಯೆಗಳಿಗೆ ಸ್ಪಂದಿಸದೆ ಅಧಿಕಾರಿ ಉದ್ಧಟತನದಿಂದ ವರ್ತಿಸುತ್ತಿದ್ದಾರೆ. ಖಾತೆ ಬದಲಾವಣೆ, ಇ-ಸ್ವತ್ತು ಸೇರಿದಂತೆ ಯಾವುದೇ ಕೆಲಸ ಸಮಯಕ್ಕೆ ಸರಿಯಾಗಿ ಆಗುತ್ತಿಲ್ಲ. ಕೂಡಲೇ ಅಧಿಕಾರಿಯನ್ನು ವರ್ಗಾವಣೆ ಮಾಡಬೇಕು ಎಂದು ಒತ್ತಾಯಿಸಿದರು. ರೈತ ಸಂಘದ ತಾಲೂಕು ಅಧ್ಯಕ್ಷರು, ಪದಾಧಿಕಾರಿಗಳು ಹಾಗೂ ಗ್ರಾಮಸ್ಥರು ಪ್ರತಿಭಟನೆಯಲ್ಲಿ ಪಾಲ್ಗೊಂಡಿದ್ದರು.
ಮಾರ್ಟಳ್ಳಿ ಗ್ರಾಮ ಪಂಚಾಯಿತಿ ಅಧಿಕಾರಿಯ ದಬ್ಬಾಳಿಕೆಯನ್ನು ಖಂಡಿಸಿ ಕರ್ನಾಟಕ ರಾಜ್ಯ ರೈತ ಸಂಘದ ವತಿಯಿಂದ ಪ್ರತಿಭಟನೆ ನಡೆಸಲಾಯಿತು. ಗ್ರಾಮ ಪಂಚಾಯಿತಿ ಕಚೇರಿ ಎದುರು ಜಮಾಯಿಸಿದ ರೈತರು ಅಧಿಕಾರಿ ವಿರುದ್ಧ ಘೋಷಣೆ ಕೂಗಿದರು. ರೈತರ ಸಮಸ್ಯೆಗಳಿಗೆ ಸ್ಪಂದಿಸದೆ ಅಧಿಕಾರಿ ಉದ್ಧಟತನದಿಂದ ವರ್ತಿಸುತ್ತಿದ್ದಾರೆ. ಖಾತೆ ಬದಲಾವಣೆ, ಇ-ಸ್ವತ್ತು ಸೇರಿದಂತೆ ಯಾವುದೇ ಕೆಲಸ ಸಮಯಕ್ಕೆ ಸರಿಯಾಗಿ ಆಗುತ್ತಿಲ್ಲ. ಕೂಡಲೇ ಅಧಿಕಾರಿಯನ್ನು ವರ್ಗಾವಣೆ ಮಾಡಬೇಕು ಎಂದು ಒತ್ತಾಯಿಸಿದರು. ರೈತ ಸಂಘದ ತಾಲೂಕು ಅಧ್ಯಕ್ಷರು, ಪದಾಧಿಕಾರಿಗಳು ಹಾಗೂ ಗ್ರಾಮಸ್ಥರು ಪ್ರತಿಭಟನೆಯಲ್ಲಿ ಪಾಲ್ಗೊಂಡಿದ್ದರು.
ನ್ಯಾಯಾಲಯದ ಆದೇಶದ ಮೇರೆಗೆ ಹರಾಜು ಪ್ರಕಟಣೆ. ಚಾಮರಾಜನಗರ ಜಿಲ್ಲೆ, ಕೊಳ್ಳೇಗಾಲ ತಾಲ್ಲೂಕಿನಲ್ಲಿರುವ ಆಸ್ತಿಯನ್ನು ಸಾರ್ವಜನಿಕ ಹರಾಜಿನ ಮೂಲಕ ಮಾರಾಟ ಮಾಡಲಾಗುವುದು. ಆಸಕ್ತರು ನಿಗದಿತ ದಿನಾಂಕದೊಳಗೆ ಅರ್ಜಿ ಸಲ್ಲಿಸಬಹುದು. ಹೆಚ್ಚಿನ ಮಾಹಿತಿಗೆ ಕಚೇರಿಯನ್ನು ಸಂಪರ್ಕಿಸಿ. ಸ್ಥಳ: ಮೈಸೂರು ದಿನಾಂಕ: 02/12/2025
